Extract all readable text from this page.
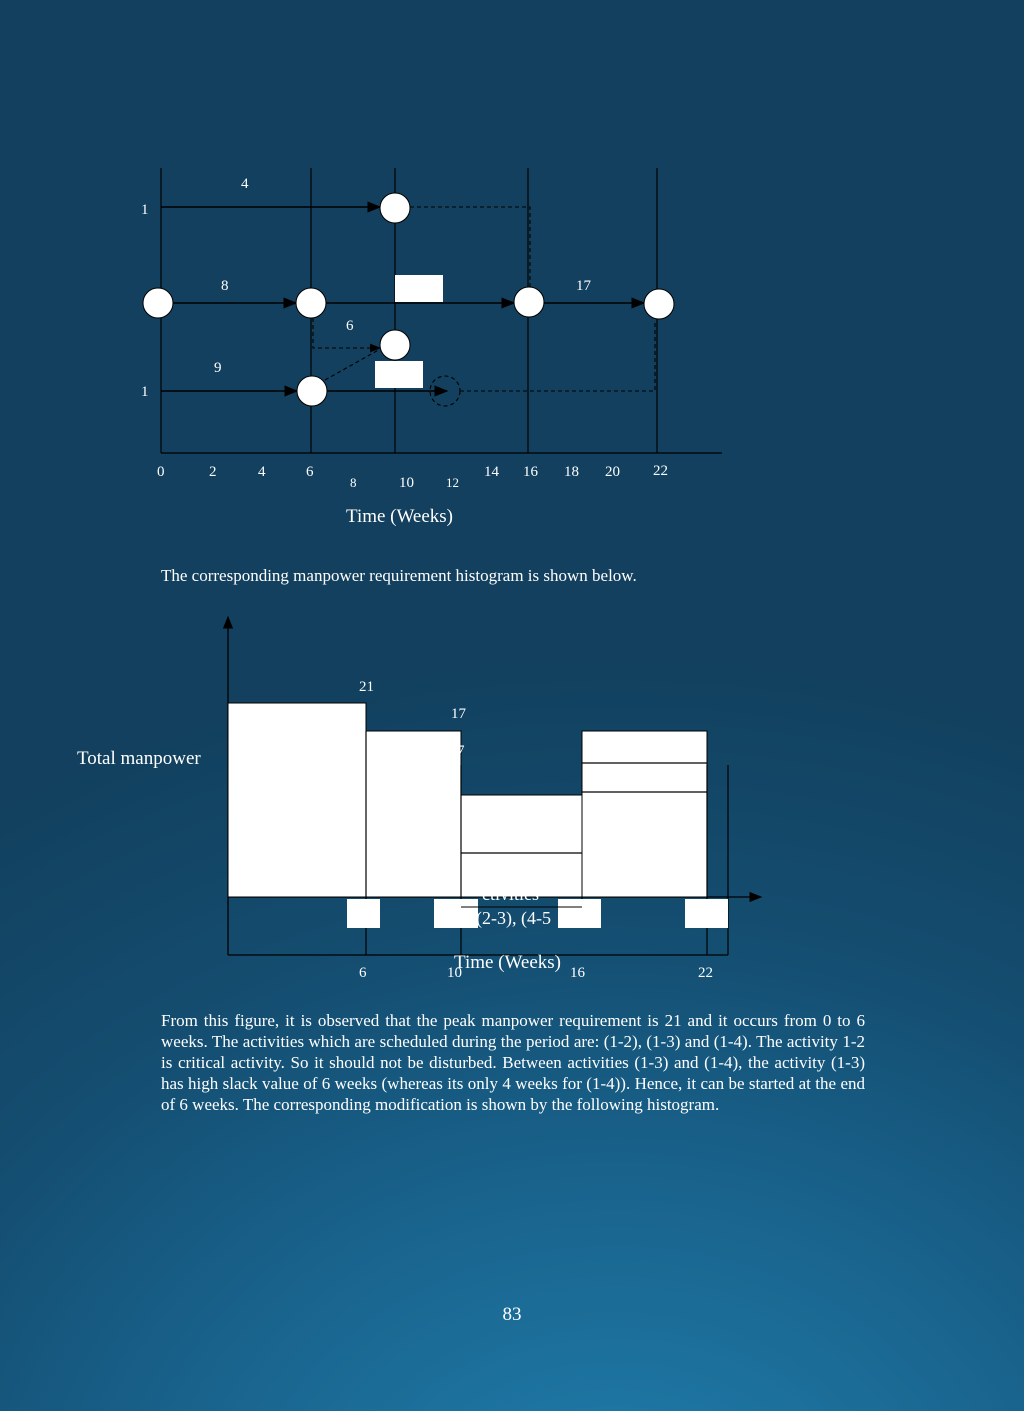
4
8
6
9
17
1
1
0	2	4	6
8	10 12
14 16 18 20 22
Time (Weeks)
The corresponding manpower requirement histogram is shown below.
21
17
7
ctivities
(2-3), (4-5
Time (Weeks)
6	10	16	22
Total manpower
From this figure, it is observed that the peak manpower requirement is 21 and it occurs from 0 to 6 weeks. The activities which are scheduled during the period are: (1-2), (1-3) and (1-4). The activity 1-2 is critical activity. So it should not be disturbed. Between activities (1-3) and (1-4), the activity (1-3) has high slack value of 6 weeks (whereas its only 4 weeks for (1-4)). Hence, it can be started at the end of 6 weeks. The corresponding modification is shown by the following histogram.
83
